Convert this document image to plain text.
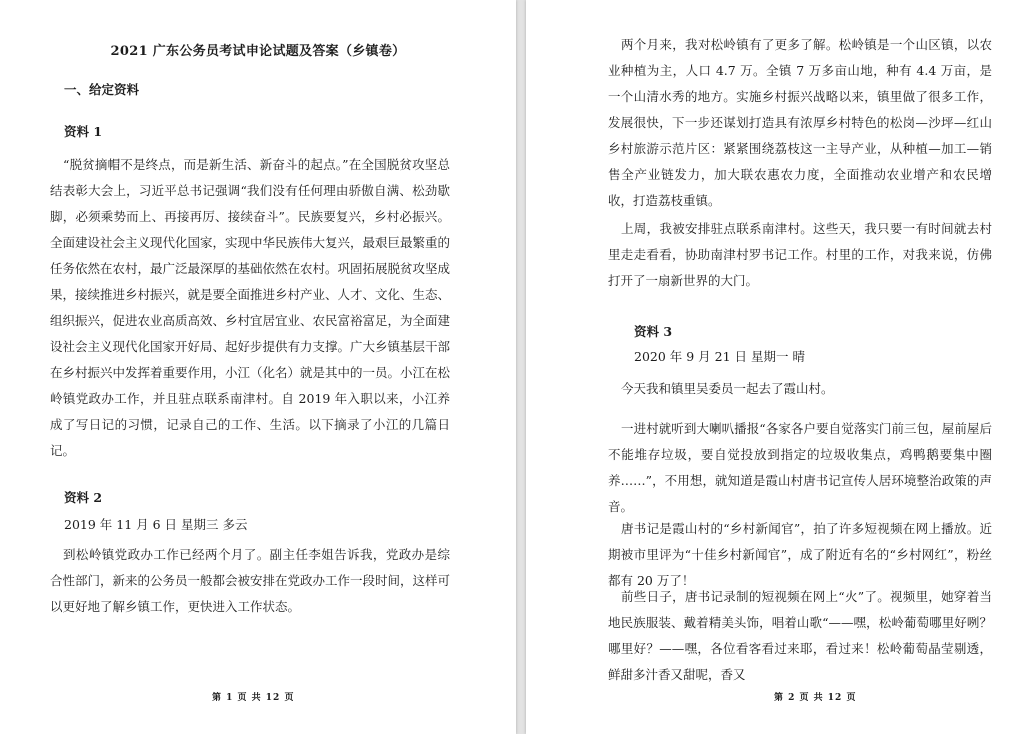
2021 广东公务员考试申论试题及答案（乡镇卷）
一、给定资料
资料 1
“脱贫摘帽不是终点，而是新生活、新奋斗的起点。”在全国脱贫攻坚总结表彰大会上，习近平总书记强调“我们没有任何理由骄傲自满、松劲歇脚，必须乘势而上、再接再厉、接续奋斗”。民族要复兴，乡村必振兴。全面建设社会主义现代化国家，实现中华民族伟大复兴，最艰巨最繁重的任务依然在农村，最广泛最深厚的基础依然在农村。巩固拓展脱贫攻坚成果，接续推进乡村振兴，就是要全面推进乡村产业、人才、文化、生态、组织振兴，促进农业高质高效、乡村宜居宜业、农民富裕富足，为全面建设社会主义现代化国家开好局、起好步提供有力支撑。广大乡镇基层干部在乡村振兴中发挥着重要作用，小江（化名）就是其中的一员。小江在松岭镇党政办工作，并且驻点联系南津村。自 2019 年入职以来，小江养成了写日记的习惯，记录自己的工作、生活。以下摘录了小江的几篇日记。
资料 2
2019 年 11 月 6 日 星期三 多云
到松岭镇党政办工作已经两个月了。副主任李姐告诉我，党政办是综合性部门，新来的公务员一般都会被安排在党政办工作一段时间，这样可以更好地了解乡镇工作，更快进入工作状态。
第 1 页 共 12 页
两个月来，我对松岭镇有了更多了解。松岭镇是一个山区镇，以农业种植为主，人口 4.7 万。全镇 7 万多亩山地，种有 4.4 万亩，是一个山清水秀的地方。实施乡村振兴战略以来，镇里做了很多工作，发展很快，下一步还谋划打造具有浓厚乡村特色的松岗—沙坪—红山乡村旅游示范片区：紧紧围绕荔枝这一主导产业，从种植—加工—销售全产业链发力，加大联农惠农力度，全面推动农业增产和农民增收，打造荔枝重镇。
上周，我被安排驻点联系南津村。这些天，我只要一有时间就去村里走走看看，协助南津村罗书记工作。村里的工作，对我来说，仿佛打开了一扇新世界的大门。
资料 3
2020 年 9 月 21 日 星期一 晴
今天我和镇里吴委员一起去了霞山村。
一进村就听到大喇叭播报“各家各户要自觉落实门前三包，屋前屋后不能堆存垃圾，要自觉投放到指定的垃圾收集点，鸡鸭鹅要集中圈养……”，不用想，就知道是霞山村唐书记宣传人居环境整治政策的声音。
唐书记是霞山村的“乡村新闻官”，拍了许多短视频在网上播放。近期被市里评为“十佳乡村新闻官”，成了附近有名的“乡村网红”，粉丝都有 20 万了！
前些日子，唐书记录制的短视频在网上“火”了。视频里，她穿着当地民族服装、戴着精美头饰，唱着山歌“——嘿，松岭葡萄哪里好咧？哪里好？——嘿，各位看客看过来耶，看过来！松岭葡萄晶莹剔透，鲜甜多汁香又甜呢，香又
第 2 页 共 12 页
